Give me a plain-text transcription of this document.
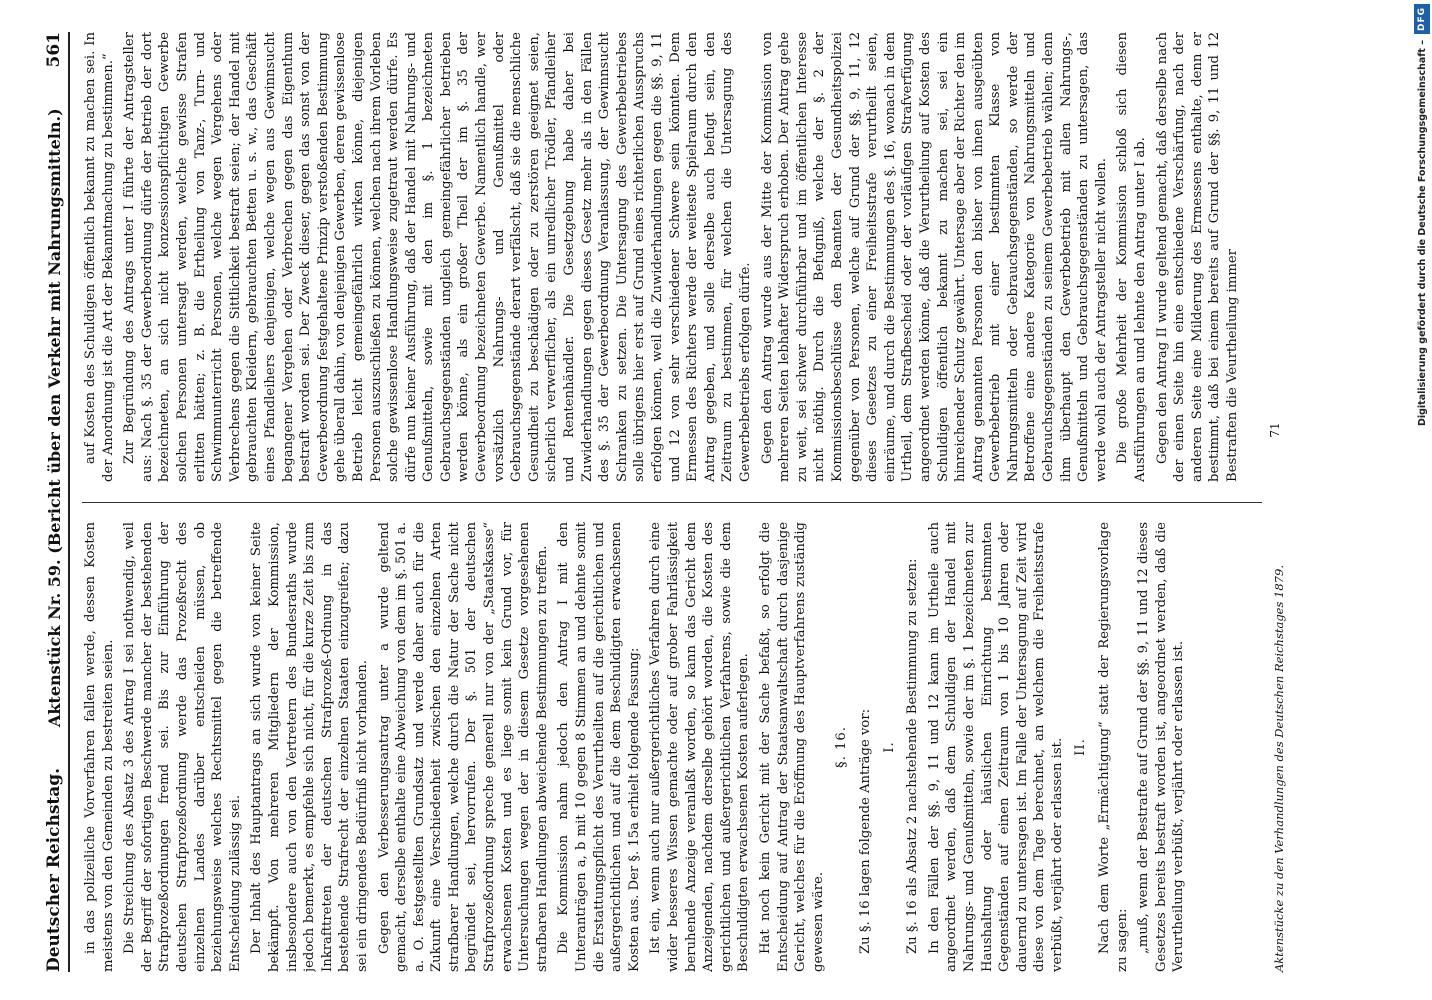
Deutscher Reichstag.
Aktenstück Nr. 59. (Bericht über den Verkehr mit Nahrungsmitteln.)
561

in das polizeiliche Vorverfahren fallen werde, dessen Kosten meistens von den Gemeinden zu bestreiten seien. Die Streichung des Absatz 3 des Antrag I sei nothwendig, weil der Begriff der sofortigen Beschwerde mancher der bestehenden Strafprozeßordnungen fremd sei. Bis zur Einführung der deutschen Strafprozeßordnung werde das Prozeßrecht des einzelnen Landes darüber entscheiden müssen, ob beziehungsweise welches Rechtsmittel gegen die betreffende Entscheidung zulässig sei. Der Inhalt des Hauptantrags an sich wurde von keiner Seite bekämpft. Von mehreren Mitgliedern der Kommission, insbesondere auch von den Vertretern des Bundesraths wurde jedoch bemerkt, es empfehle sich nicht, für die kurze Zeit bis zum Inkrafttreten der deutschen Strafprozeß-Ordnung in das bestehende Strafrecht der einzelnen Staaten einzugreifen; dazu sei ein dringendes Bedürfniß nicht vorhanden. Gegen den Verbesserungsantrag unter a wurde geltend gemacht, derselbe enthalte eine Abweichung von dem im §. 501 a. a. O. festgestellten Grundsatz und werde daher auch für die Zukunft eine Verschiedenheit zwischen den einzelnen Arten strafbarer Handlungen, welche durch die Natur der Sache nicht begründet sei, hervorrufen. Der §. 501 der deutschen Strafprozeßordnung spreche generell nur von der „Staatskasse“ erwachsenen Kosten und es liege somit kein Grund vor, für Untersuchungen wegen der in diesem Gesetze vorgesehenen strafbaren Handlungen abweichende Bestimmungen zu treffen. Die Kommission nahm jedoch den Antrag I mit den Unteranträgen a, b mit 10 gegen 8 Stimmen an und dehnte somit die Erstattungspflicht des Verurtheilten auf die gerichtlichen und außergerichtlichen und auf die dem Beschuldigten erwachsenen Kosten aus. Der §. 15a erhielt folgende Fassung: Ist ein, wenn auch nur außergerichtliches Verfahren durch eine wider besseres Wissen gemachte oder auf grober Fahrlässigkeit beruhende Anzeige veranlaßt worden, so kann das Gericht dem Anzeigenden, nachdem derselbe gehört worden, die Kosten des gerichtlichen und außergerichtlichen Verfahrens, sowie die dem Beschuldigten erwachsenen Kosten auferlegen. Hat noch kein Gericht mit der Sache befaßt, so erfolgt die Entscheidung auf Antrag der Staatsanwaltschaft durch dasjenige Gericht, welches für die Eröffnung des Hauptverfahrens zuständig gewesen wäre.

§. 16. Zu §. 16 lagen folgende Anträge vor: I. Zu §. 16 als Absatz 2 nachstehende Bestimmung zu setzen: In den Fällen der §§. 9, 11 und 12 kann im Urtheile auch angeordnet werden, daß dem Schuldigen der Handel mit Nahrungs- und Genußmitteln, sowie der im §. 1 bezeichneten zur Haushaltung oder häuslichen Einrichtung bestimmten Gegenständen auf einen Zeitraum von 1 bis 10 Jahren oder dauernd zu untersagen ist. Im Falle der Untersagung auf Zeit wird diese von dem Tage berechnet, an welchem die Freiheitsstrafe verbüßt, verjährt oder erlassen ist. II. Nach dem Worte „Ermächtigung“ statt der Regierungsvorlage zu sagen: „muß, wenn der Bestrafte auf Grund der §§. 9, 11 und 12 dieses Gesetzes bereits bestraft worden ist, angeordnet werden, daß die Verurtheilung verbüßt, verjährt oder erlassen ist.

auf Kosten des Schuldigen öffentlich bekannt zu machen sei. In der Anordnung ist die Art der Bekanntmachung zu bestimmen.“ Zur Begründung des Antrags unter I führte der Antragsteller aus: Nach §. 35 der Gewerbeordnung dürfe der Betrieb der dort bezeichneten, an sich nicht konzessionspflichtigen Gewerbe solchen Personen untersagt werden, welche gewisse Strafen erlitten hätten; z. B. die Ertheilung von Tanz-, Turn- und Schwimmunterricht Personen, welche wegen Vergehens oder Verbrechens gegen die Sittlichkeit bestraft seien; der Handel mit gebrauchten Kleidern, gebrauchten Betten u. s. w., das Geschäft eines Pfandleihers denjenigen, welche wegen aus Gewinnsucht begangener Vergehen oder Verbrechen gegen das Eigenthum bestraft worden sei. Der Zweck dieser, gegen das sonst von der Gewerbeordnung festgehaltene Prinzip verstoßenden Bestimmung gehe überall dahin, von denjenigen Gewerben, deren gewissenlose Betrieb leicht gemeingefährlich wirken könne, diejenigen Personen auszuschließen zu können, welchen nach ihrem Vorleben solche gewissenlose Handlungsweise zugetraut werden dürfe. Es dürfe nun keiner Ausführung, daß der Handel mit Nahrungs- und Genußmitteln, sowie mit den im §. 1 bezeichneten Gebrauchsgegenständen ungleich gemeingefährlicher betrieben werden könne, als ein großer Theil der im §. 35 der Gewerbeordnung bezeichneten Gewerbe. Namentlich handle, wer vorsätzlich Nahrungs- und Genußmittel oder Gebrauchsgegenstände derart verfälscht, daß sie die menschliche Gesundheit zu beschädigen oder zu zerstören geeignet seien, sicherlich verwerflicher, als ein unredlicher Trödler, Pfandleiher und Rentenhändler. Die Gesetzgebung habe daher bei Zuwiderhandlungen gegen dieses Gesetz mehr als in den Fällen des §. 35 der Gewerbeordnung Veranlassung, der Gewinnsucht Schranken zu setzen. Die Untersagung des Gewerbebetriebes solle übrigens hier erst auf Grund eines richterlichen Ausspruchs erfolgen können, weil die Zuwiderhandlungen gegen die §§. 9, 11 und 12 von sehr verschiedener Schwere sein könnten. Dem Ermessen des Richters werde der weiteste Spielraum durch den Antrag gegeben, und solle derselbe auch befugt sein, den Zeitraum zu bestimmen, für welchen die Untersagung des Gewerbebetriebs erfolgen dürfe. Gegen den Antrag wurde aus der Mitte der Kommission von mehreren Seiten lebhafter Widerspruch erhoben. Der Antrag gehe zu weit, sei schwer durchführbar und im öffentlichen Interesse nicht nöthig. Durch die Befugniß, welche der §. 2 der Kommissionsbeschlüsse den Beamten der Gesundheitspolizei gegenüber von Personen, welche auf Grund der §§. 9, 11, 12 dieses Gesetzes zu einer Freiheitsstrafe verurtheilt seien, einräume, und durch die Bestimmungen des §. 16, wonach in dem Urtheil, dem Strafbescheid oder der vorläufigen Strafverfügung angeordnet werden könne, daß die Verurtheilung auf Kosten des Schuldigen öffentlich bekannt zu machen sei, sei ein hinreichender Schutz gewährt. Untersage aber der Richter den im Antrag genannten Personen den bisher von ihnen ausgeübten Gewerbebetrieb mit einer bestimmten Klasse von Nahrungsmitteln oder Gebrauchsgegenständen, so werde der Betroffene eine andere Kategorie von Nahrungsmitteln und Gebrauchsgegenständen zu seinem Gewerbebetrieb wählen; denn ihm überhaupt den Gewerbebetrieb mit allen Nahrungs-, Genußmitteln und Gebrauchsgegenständen zu untersagen, das werde wohl auch der Antragsteller nicht wollen. Die große Mehrheit der Kommission schloß sich diesen Ausführungen an und lehnte den Antrag unter I ab. Gegen den Antrag II wurde geltend gemacht, daß derselbe nach der einen Seite hin eine entschiedene Verschärfung, nach der anderen Seite eine Milderung des Ermessens enthalte, denn er bestimmt, daß bei einem bereits auf Grund der §§. 9, 11 und 12 Bestraften die Veurtheilung immer

Aktenstücke zu den Verhandlungen des Deutschen Reichstages 1879.
71
DFG
Digitalisierung gefördert durch die Deutsche Forschungsgemeinschaft –
